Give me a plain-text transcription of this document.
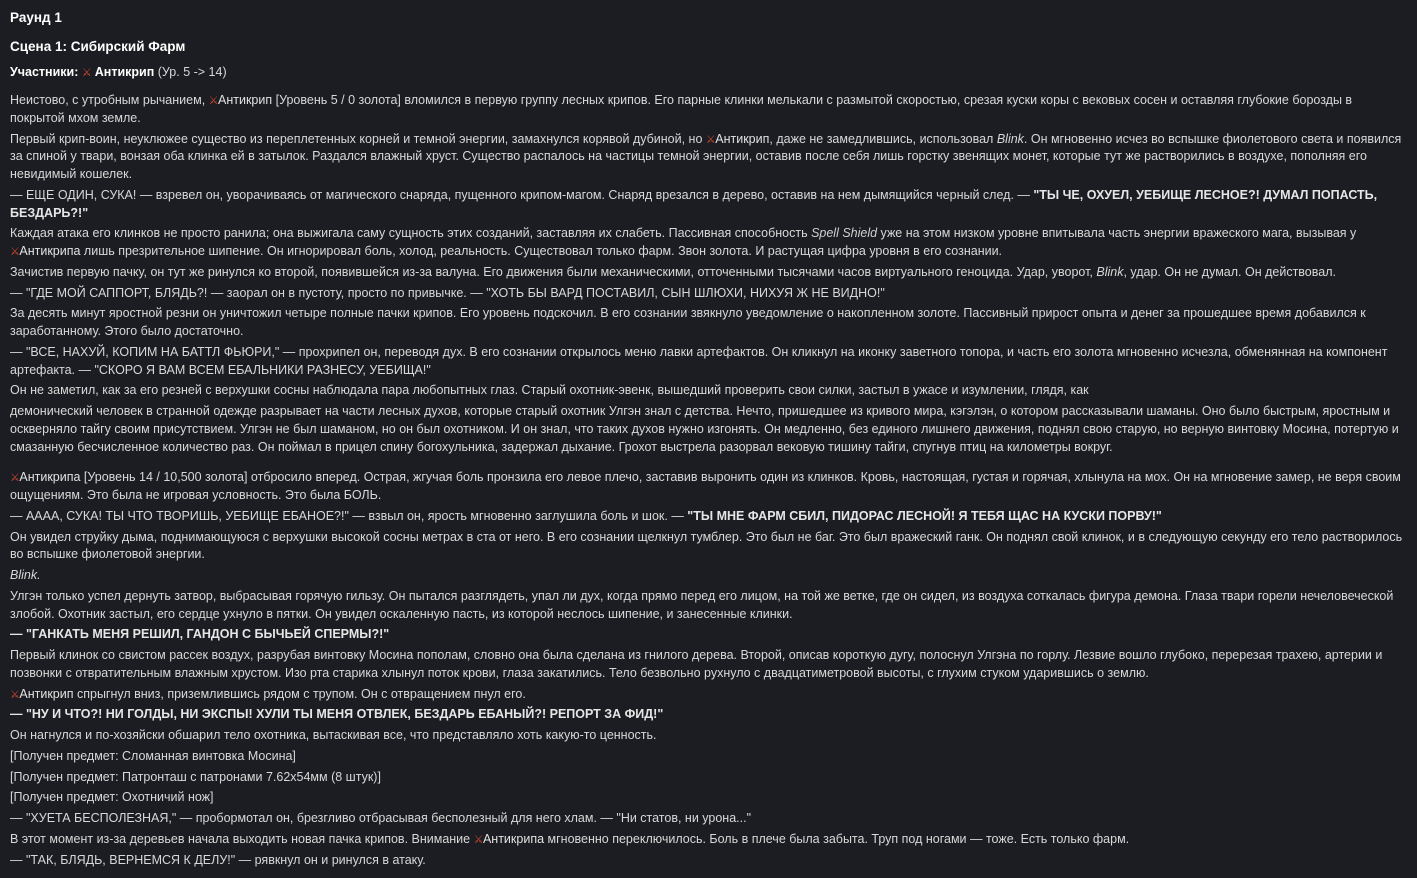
Раунд 1
Сцена 1: Сибирский Фарм
Участники: ⚔ Антикрип (Ур. 5 -> 14)

Неистово, с утробным рычанием, ⚔Антикрип [Уровень 5 / 0 золота] вломился в первую группу лесных крипов. Его парные клинки мелькали с размытой скоростью, срезая куски коры с вековых сосен и оставляя глубокие борозды в покрытой мхом земле.

Первый крип-воин, неуклюжее существо из переплетенных корней и темной энергии, замахнулся корявой дубиной, но ⚔Антикрип, даже не замедлившись, использовал Blink. Он мгновенно исчез во вспышке фиолетового света и появился за спиной у твари, вонзая оба клинка ей в затылок. Раздался влажный хруст. Существо распалось на частицы темной энергии, оставив после себя лишь горстку звенящих монет, которые тут же растворились в воздухе, пополняя его невидимый кошелек.

— ЕЩЕ ОДИН, СУКА! — взревел он, уворачиваясь от магического снаряда, пущенного крипом-магом. Снаряд врезался в дерево, оставив на нем дымящийся черный след. — "ТЫ ЧЕ, ОХУЕЛ, УЕБИЩЕ ЛЕСНОЕ?! ДУМАЛ ПОПАСТЬ, БЕЗДАРЬ?!"

Каждая атака его клинков не просто ранила; она выжигала саму сущность этих созданий, заставляя их слабеть. Пассивная способность Spell Shield уже на этом низком уровне впитывала часть энергии вражеского мага, вызывая у ⚔Антикрипа лишь презрительное шипение. Он игнорировал боль, холод, реальность. Существовал только фарм. Звон золота. И растущая цифра уровня в его сознании.

Зачистив первую пачку, он тут же ринулся ко второй, появившейся из-за валуна. Его движения были механическими, отточенными тысячами часов виртуального геноцида. Удар, уворот, Blink, удар. Он не думал. Он действовал.

— "ГДЕ МОЙ САППОРТ, БЛЯДЬ?! — заорал он в пустоту, просто по привычке. — "ХОТЬ БЫ ВАРД ПОСТАВИЛ, СЫН ШЛЮХИ, НИХУЯ Ж НЕ ВИДНО!"

За десять минут яростной резни он уничтожил четыре полные пачки крипов. Его уровень подскочил. В его сознании звякнуло уведомление о накопленном золоте. Пассивный прирост опыта и денег за прошедшее время добавился к заработанному. Этого было достаточно.

— "ВСЕ, НАХУЙ, КОПИМ НА БАТТЛ ФЬЮРИ," — прохрипел он, переводя дух. В его сознании открылось меню лавки артефактов. Он кликнул на иконку заветного топора, и часть его золота мгновенно исчезла, обменянная на компонент артефакта. — "СКОРО Я ВАМ ВСЕМ ЕБАЛЬНИКИ РАЗНЕСУ, УЕБИЩА!"

Он не заметил, как за его резней с верхушки сосны наблюдала пара любопытных глаз. Старый охотник-эвенк, вышедший проверить свои силки, застыл в ужасе и изумлении, глядя, как

демонический человек в странной одежде разрывает на части лесных духов, которые старый охотник Улгэн знал с детства. Нечто, пришедшее из кривого мира, кэгэлэн, о котором рассказывали шаманы. Оно было быстрым, яростным и оскверняло тайгу своим присутствием. Улгэн не был шаманом, но он был охотником. И он знал, что таких духов нужно изгонять. Он медленно, без единого лишнего движения, поднял свою старую, но верную винтовку Мосина, потертую и смазанную бесчисленное количество раз. Он поймал в прицел спину богохульника, задержал дыхание. Грохот выстрела разорвал вековую тишину тайги, спугнув птиц на километры вокруг.

⚔Антикрипа [Уровень 14 / 10,500 золота] отбросило вперед. Острая, жгучая боль пронзила его левое плечо, заставив выронить один из клинков. Кровь, настоящая, густая и горячая, хлынула на мох. Он на мгновение замер, не веря своим ощущениям. Это была не игровая условность. Это была БОЛЬ.

— АААА, СУКА! ТЫ ЧТО ТВОРИШЬ, УЕБИЩЕ ЕБАНОЕ?!" — взвыл он, ярость мгновенно заглушила боль и шок. — "ТЫ МНЕ ФАРМ СБИЛ, ПИДОРАС ЛЕСНОЙ! Я ТЕБЯ ЩАС НА КУСКИ ПОРВУ!"

Он увидел струйку дыма, поднимающуюся с верхушки высокой сосны метрах в ста от него. В его сознании щелкнул тумблер. Это был не баг. Это был вражеский ганк. Он поднял свой клинок, и в следующую секунду его тело растворилось во вспышке фиолетовой энергии.

Blink.

Улгэн только успел дернуть затвор, выбрасывая горячую гильзу. Он пытался разглядеть, упал ли дух, когда прямо перед его лицом, на той же ветке, где он сидел, из воздуха соткалась фигура демона. Глаза твари горели нечеловеческой злобой. Охотник застыл, его сердце ухнуло в пятки. Он увидел оскаленную пасть, из которой неслось шипение, и занесенные клинки.

— "ГАНКАТЬ МЕНЯ РЕШИЛ, ГАНДОН С БЫЧЬЕЙ СПЕРМЫ?!"

Первый клинок со свистом рассек воздух, разрубая винтовку Мосина пополам, словно она была сделана из гнилого дерева. Второй, описав короткую дугу, полоснул Улгэна по горлу. Лезвие вошло глубоко, перерезая трахею, артерии и позвонки с отвратительным влажным хрустом. Изо рта старика хлынул поток крови, глаза закатились. Тело безвольно рухнуло с двадцатиметровой высоты, с глухим стуком ударившись о землю.

⚔Антикрип спрыгнул вниз, приземлившись рядом с трупом. Он с отвращением пнул его.

— "НУ И ЧТО?! НИ ГОЛДЫ, НИ ЭКСПЫ! ХУЛИ ТЫ МЕНЯ ОТВЛЕК, БЕЗДАРЬ ЕБАНЫЙ?! РЕПОРТ ЗА ФИД!"

Он нагнулся и по-хозяйски обшарил тело охотника, вытаскивая все, что представляло хоть какую-то ценность.

[Получен предмет: Сломанная винтовка Мосина]

[Получен предмет: Патронташ с патронами 7.62х54мм (8 штук)]

[Получен предмет: Охотничий нож]

— "ХУЕТА БЕСПОЛЕЗНАЯ," — пробормотал он, брезгливо отбрасывая бесполезный для него хлам. — "Ни статов, ни урона..."

В этот момент из-за деревьев начала выходить новая пачка крипов. Внимание ⚔Антикрипа мгновенно переключилось. Боль в плече была забыта. Труп под ногами — тоже. Есть только фарм.

— "ТАК, БЛЯДЬ, ВЕРНЕМСЯ К ДЕЛУ!" — рявкнул он и ринулся в атаку.
